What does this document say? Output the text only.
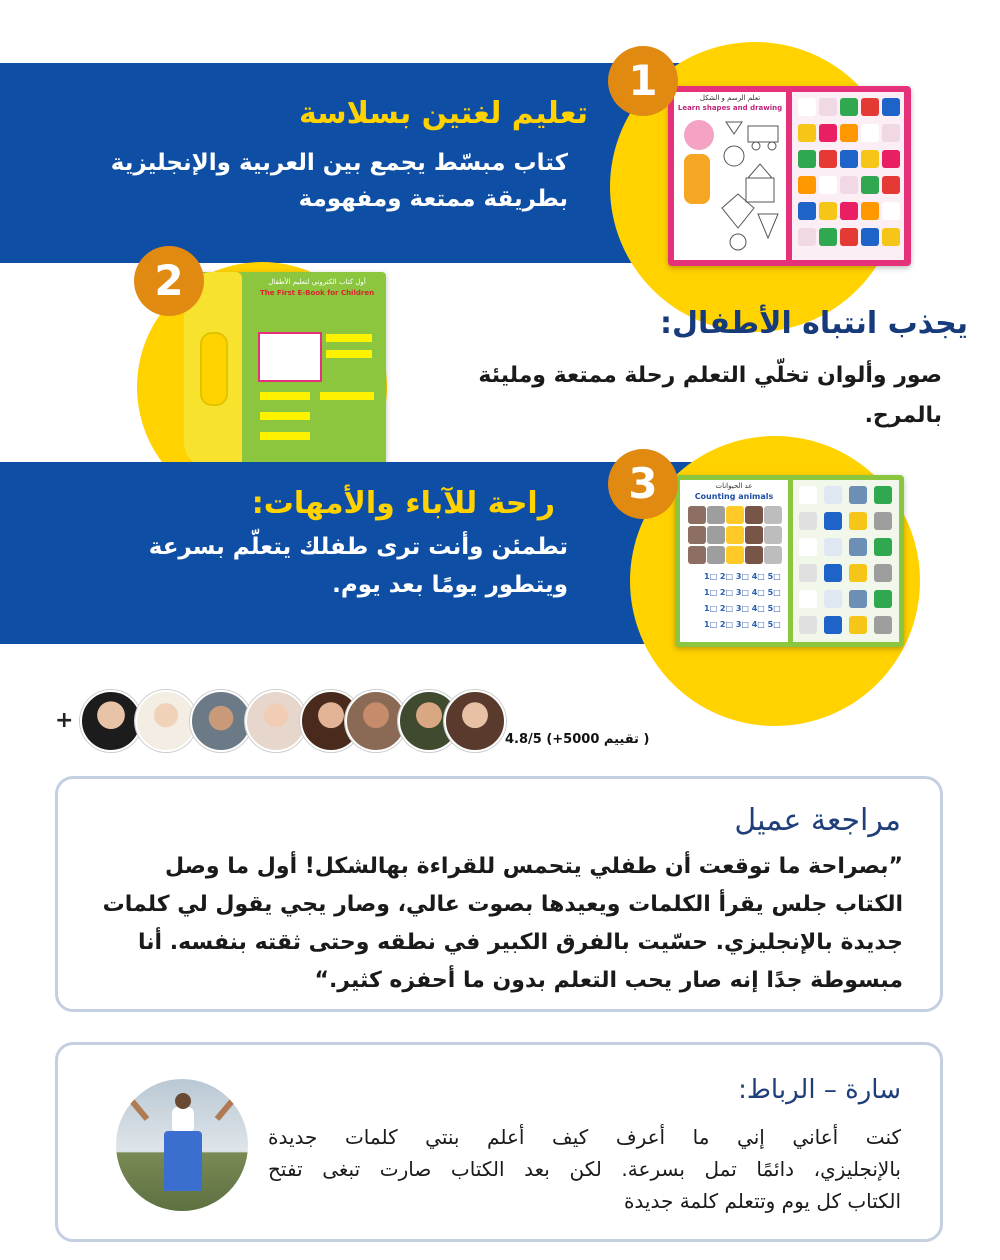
تعلم الرسم و الشكل
Learn shapes and drawing
1
تعليم لغتين بسلاسة
كتاب مبسّط يجمع بين العربية والإنجليزية
بطريقة ممتعة ومفهومة
أول كتاب الكتروني لتعليم الأطفال
The First E-Book for Children
2
يجذب انتباه الأطفال:
صور وألوان تخلّي التعلم رحلة ممتعة ومليئة
بالمرح.
عد الحيوانات
Counting animals
1□ 2□ 3□ 4□ 5□
1□ 2□ 3□ 4□ 5□
1□ 2□ 3□ 4□ 5□
1□ 2□ 3□ 4□ 5□
3
راحة للآباء والأمهات:
تطمئن وأنت ترى طفلك يتعلّم بسرعة
ويتطور يومًا بعد يوم.
+
4.8/5 (+5000 تقييم )
مراجعة عميل
”بصراحة ما توقعت أن طفلي يتحمس للقراءة بهالشكل! أول ما وصل
الكتاب جلس يقرأ الكلمات ويعيدها بصوت عالي، وصار يجي يقول لي كلمات
جديدة بالإنجليزي. حسّيت بالفرق الكبير في نطقه وحتى ثقته بنفسه. أنا
مبسوطة جدًا إنه صار يحب التعلم بدون ما أحفزه كثير.“
سارة – الرباط:
كنت أعاني إني ما أعرف كيف أعلم بنتي كلمات جديدة
بالإنجليزي، دائمًا تمل بسرعة. لكن بعد الكتاب صارت تبغى تفتح
الكتاب كل يوم وتتعلم كلمة جديدة
